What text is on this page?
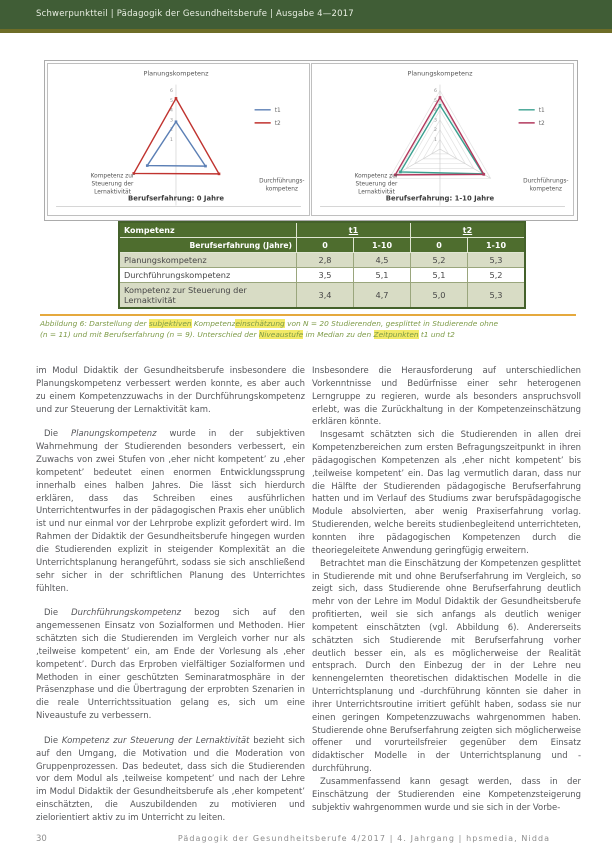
Schwerpunktteil | Pädagogik der Gesundheitsberufe | Ausgabe 4—2017
1
2
3
4
5
6
t1
t2
Planungskompetenz
Durchführungs-
kompetenz
Kompetenz zur
Steuerung der
Lernaktivität
Berufserfahrung: 0 Jahre
1
2
3
4
5
6
t1
t2
Planungskompetenz
Durchführungs-
kompetenz
Kompetenz zur
Steuerung der
Lernaktivität
Berufserfahrung: 1-10 Jahre
Kompetenz	t1		t2	
Berufserfahrung (Jahre)	0	1-10	0	1-10
Planungskompetenz	2,8	4,5	5,2	5,3
Durchführungskompetenz	3,5	5,1	5,1	5,2
Kompetenz zur Steuerung der Lernaktivität	3,4	4,7	5,0	5,3
Abbildung 6: Darstellung der subjektiven Kompetenzeinschätzung von N = 20 Studierenden, gesplittet in Studierende ohne
(n = 11) und mit Berufserfahrung (n = 9). Unterschied der Niveaustufe im Median zu den Zeitpunkten t1 und t2

im Modul Didaktik der Gesundheitsberufe insbesondere die Planungskompetenz verbessert werden konnte, es aber auch zu einem Kompetenzzuwachs in der Durchführungskompetenz und zur Steuerung der Lernaktivität kam.

Die Planungskompetenz wurde in der subjektiven Wahrnehmung der Studierenden besonders verbessert, ein Zuwachs von zwei Stufen von ‚eher nicht kompetent’ zu ‚eher kompetent’ bedeutet einen enormen Entwicklungssprung innerhalb eines halben Jahres. Die lässt sich hierdurch erklären, dass das Schreiben eines ausführlichen Unterrichtentwurfes in der pädagogischen Praxis eher unüblich ist und nur einmal vor der Lehrprobe explizit gefordert wird. Im Rahmen der Didaktik der Gesundheitsberufe hingegen wurden die Studierenden explizit in steigender Komplexität an die Unterrichtsplanung herangeführt, sodass sie sich anschließend sehr sicher in der schriftlichen Planung des Unterrichtes fühlten.

Die Durchführungskompetenz bezog sich auf den angemessenen Einsatz von Sozialformen und Methoden. Hier schätzten sich die Studierenden im Vergleich vorher nur als ‚teilweise kompetent’ ein, am Ende der Vorlesung als ‚eher kompetent’. Durch das Erproben vielfältiger Sozialformen und Methoden in einer geschützten Seminaratmosphäre in der Präsenzphase und die Übertragung der erprobten Szenarien in die reale Unterrichtssituation gelang es, sich um eine Niveaustufe zu verbessern.

Die Kompetenz zur Steuerung der Lernaktivität bezieht sich auf den Umgang, die Motivation und die Moderation von Gruppenprozessen. Das bedeutet, dass sich die Studierenden vor dem Modul als ‚teilweise kompetent’ und nach der Lehre im Modul Didaktik der Gesundheitsberufe als ‚eher kompetent’ einschätzten, die Auszubildenden zu motivieren und zielorientiert aktiv zu im Unterricht zu leiten.

Insbesondere die Herausforderung auf unterschiedlichen Vorkenntnisse und Bedürfnisse einer sehr heterogenen Lerngruppe zu regieren, wurde als besonders anspruchsvoll erlebt, was die Zurückhaltung in der Kompetenzeinschätzung erklären könnte.

Insgesamt schätzten sich die Studierenden in allen drei Kompetenzbereichen zum ersten Befragungszeitpunkt in ihren pädagogischen Kompetenzen als ‚eher nicht kompetent’ bis ‚teilweise kompetent’ ein. Das lag vermutlich daran, dass nur die Hälfte der Studierenden pädagogische Berufserfahrung hatten und im Verlauf des Studiums zwar berufspädagogische Module absolvierten, aber wenig Praxiserfahrung vorlag. Studierenden, welche bereits studienbegleitend unterrichteten, konnten ihre pädagogischen Kompetenzen durch die theoriegeleitete Anwendung geringfügig erweitern.

Betrachtet man die Einschätzung der Kompetenzen gesplittet in Studierende mit und ohne Berufserfahrung im Vergleich, so zeigt sich, dass Studierende ohne Berufserfahrung deutlich mehr von der Lehre im Modul Didaktik der Gesundheitsberufe profitierten, weil sie sich anfangs als deutlich weniger kompetent einschätzten (vgl. Abbildung 6). Andererseits schätzten sich Studierende mit Berufserfahrung vorher deutlich besser ein, als es möglicherweise der Realität entsprach. Durch den Einbezug der in der Lehre neu kennengelernten theoretischen didaktischen Modelle in die Unterrichtsplanung und -durchführung könnten sie daher in ihrer Unterrichtsroutine irritiert gefühlt haben, sodass sie nur einen geringen Kompetenzzuwachs wahrgenommen haben. Studierende ohne Berufserfahrung zeigten sich möglicherweise offener und vorurteilsfreier gegenüber dem Einsatz didaktischer Modelle in der Unterrichtsplanung und -durchführung.

Zusammenfassend kann gesagt werden, dass in der Einschätzung der Studierenden eine Kompetenzsteigerung subjektiv wahrgenommen wurde und sie sich in der Vorbe-

30	Pädagogik der Gesundheitsberufe 4/2017 | 4. Jahrgang | hpsmedia, Nidda
